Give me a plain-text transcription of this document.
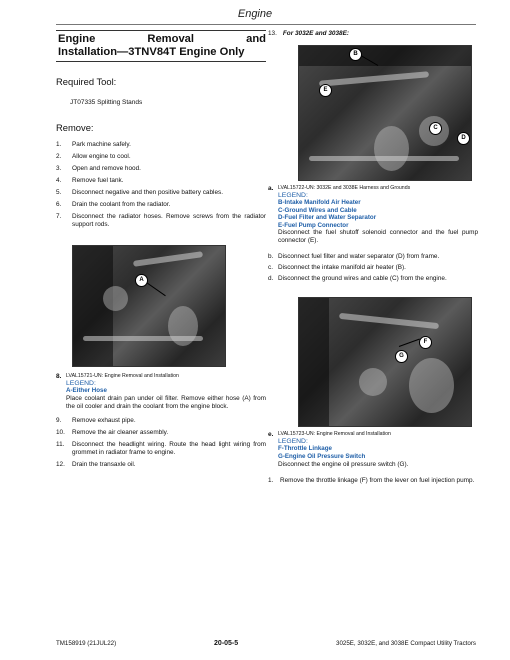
Engine
Engine	Removal	and
Installation—3TNV84T Engine Only
Required Tool:
JT07335 Splitting Stands
Remove:
1.	Park machine safely.
2.	Allow engine to cool.
3.	Open and remove hood.
4.	Remove fuel tank.
5.	Disconnect negative and then positive battery cables.
6.	Drain the coolant from the radiator.
7.	Disconnect the radiator hoses. Remove screws from the radiator support rods.
A
8. LVAL15721-UN: Engine Removal and Installation
LEGEND:
A-Either Hose
Place coolant drain pan under oil filter. Remove either hose (A) from the oil cooler and drain the coolant from the engine block.
9.	Remove exhaust pipe.
10.	Remove the air cleaner assembly.
11.	Disconnect the headlight wiring. Route the head light wiring from grommet in radiator frame to engine.
12.	Drain the transaxle oil.
13. For 3032E and 3038E:
B
E
C
D
a. LVAL15722-UN: 3032E and 3038E Harness and Grounds
LEGEND:
B-Intake Manifold Air Heater
C-Ground Wires and Cable
D-Fuel Filter and Water Separator
E-Fuel Pump Connector
Disconnect the fuel shutoff solenoid connector and the fuel pump connector (E).
b. Disconnect fuel filter and water separator (D) from frame.
c. Disconnect the intake manifold air heater (B).
d. Disconnect the ground wires and cable (C) from the engine.
F
G
e. LVAL15723-UN: Engine Removal and Installation
LEGEND:
F-Throttle Linkage
G-Engine Oil Pressure Switch
Disconnect the engine oil pressure switch (G).
1. Remove the throttle linkage (F) from the lever on fuel injection pump.
TM158919 (21JUL22)	20-05-5	3025E, 3032E, and 3038E Compact Utility Tractors
